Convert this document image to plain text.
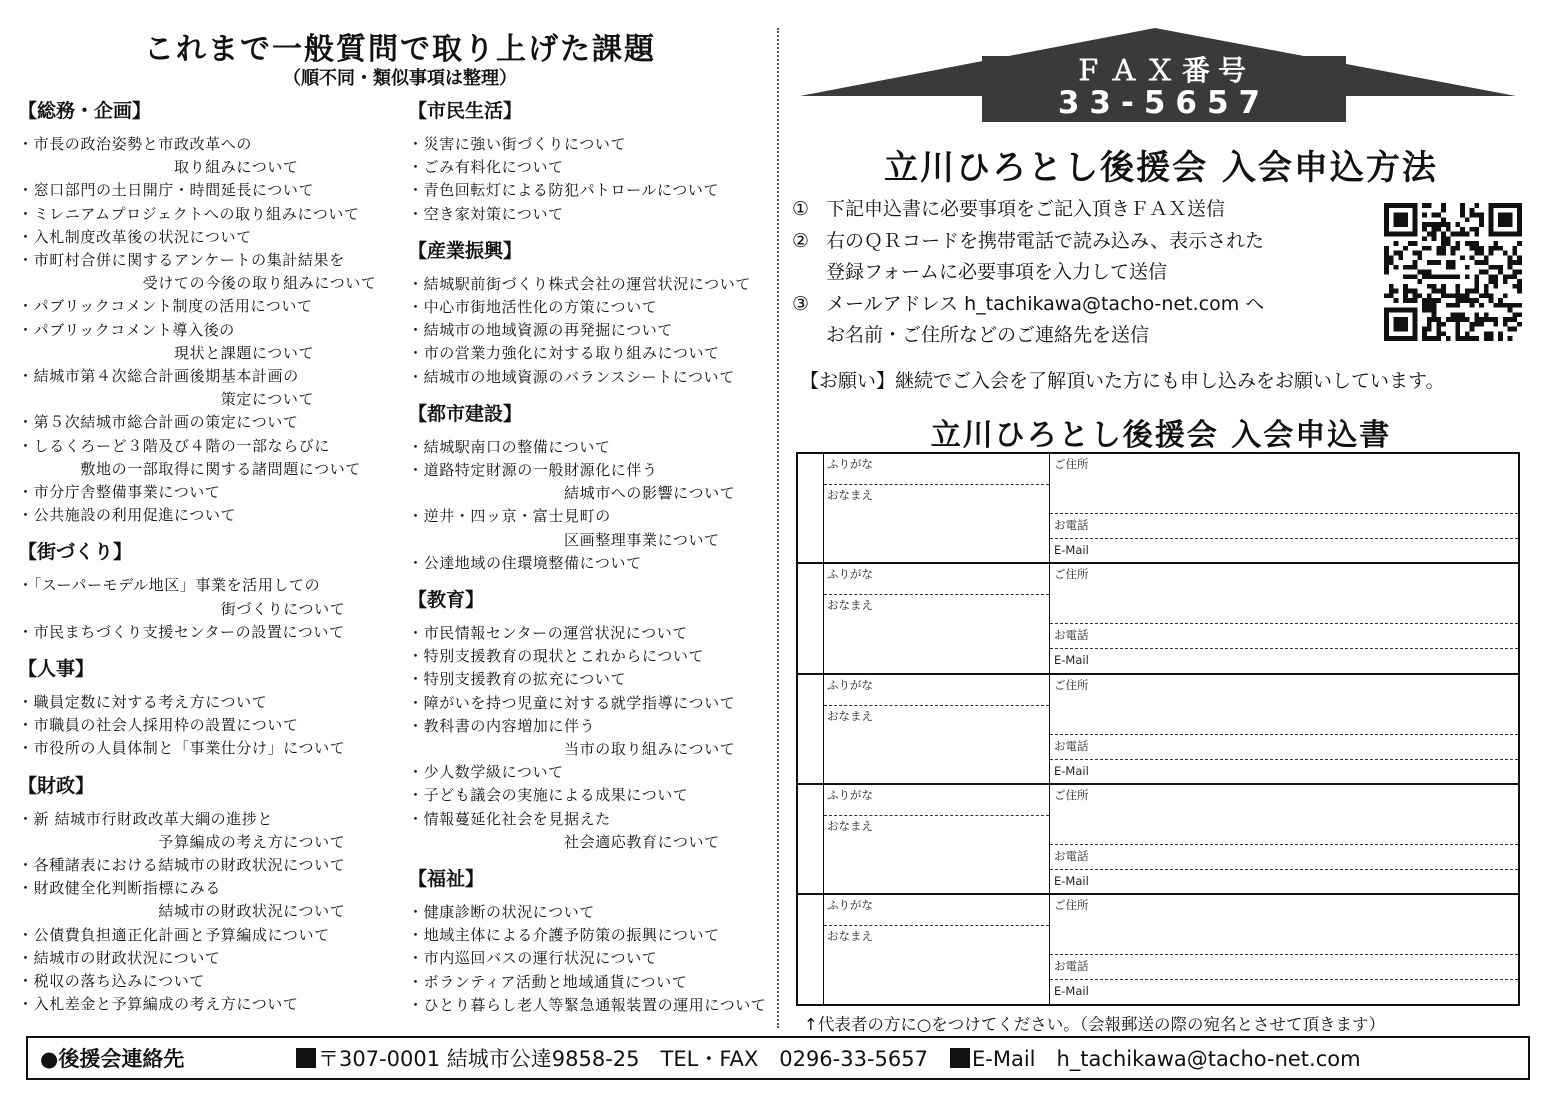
これまで一般質問で取り上げた課題
（順不同・類似事項は整理）
【総務・企画】
・市長の政治姿勢と市政改革への
　　　　　　　　　　取り組みについて
・窓口部門の土日開庁・時間延長について
・ミレニアムプロジェクトへの取り組みについて
・入札制度改革後の状況について
・市町村合併に関するアンケートの集計結果を
　　　　　　　　受けての今後の取り組みについて
・パブリックコメント制度の活用について
・パブリックコメント導入後の
　　　　　　　　　　現状と課題について
・結城市第４次総合計画後期基本計画の
　　　　　　　　　　　　　策定について
・第５次結城市総合計画の策定について
・しるくろーど３階及び４階の一部ならびに
　　　　敷地の一部取得に関する諸問題について
・市分庁舎整備事業について
・公共施設の利用促進について
【街づくり】
・「スーパーモデル地区」事業を活用しての
　　　　　　　　　　　　　街づくりについて
・市民まちづくり支援センターの設置について
【人事】
・職員定数に対する考え方について
・市職員の社会人採用枠の設置について
・市役所の人員体制と「事業仕分け」について
【財政】
・新 結城市行財政改革大綱の進捗と
　　　　　　　　　予算編成の考え方について
・各種諸表における結城市の財政状況について
・財政健全化判断指標にみる
　　　　　　　　　結城市の財政状況について
・公債費負担適正化計画と予算編成について
・結城市の財政状況について
・税収の落ち込みについて
・入札差金と予算編成の考え方について
【市民生活】
・災害に強い街づくりについて
・ごみ有料化について
・青色回転灯による防犯パトロールについて
・空き家対策について
【産業振興】
・結城駅前街づくり株式会社の運営状況について
・中心市街地活性化の方策について
・結城市の地域資源の再発掘について
・市の営業力強化に対する取り組みについて
・結城市の地域資源のバランスシートについて
【都市建設】
・結城駅南口の整備について
・道路特定財源の一般財源化に伴う
　　　　　　　　　　結城市への影響について
・逆井・四ッ京・富士見町の
　　　　　　　　　　区画整理事業について
・公達地域の住環境整備について
【教育】
・市民情報センターの運営状況について
・特別支援教育の現状とこれからについて
・特別支援教育の拡充について
・障がいを持つ児童に対する就学指導について
・教科書の内容増加に伴う
　　　　　　　　　　当市の取り組みについて
・少人数学級について
・子ども議会の実施による成果について
・情報蔓延化社会を見据えた
　　　　　　　　　　社会適応教育について
【福祉】
・健康診断の状況について
・地域主体による介護予防策の振興について
・市内巡回バスの運行状況について
・ボランティア活動と地域通貨について
・ひとり暮らし老人等緊急通報装置の運用について
ＦＡＸ番号
33-5657
立川ひろとし後援会 入会申込方法
① 下記申込書に必要事項をご記入頂きＦＡＸ送信
② 右のＱＲコードを携帯電話で読み込み、表示された
登録フォームに必要事項を入力して送信
③ メールアドレス h_tachikawa@tacho-net.com へ
お名前・ご住所などのご連絡先を送信
【お願い】継続でご入会を了解頂いた方にも申し込みをお願いしています。
立川ひろとし後援会 入会申込書
ふりがな
おなまえ
ご住所
お電話
E-Mail
ふりがな
おなまえ
ご住所
お電話
E-Mail
ふりがな
おなまえ
ご住所
お電話
E-Mail
ふりがな
おなまえ
ご住所
お電話
E-Mail
ふりがな
おなまえ
ご住所
お電話
E-Mail
↑代表者の方に○をつけてください。（会報郵送の際の宛名とさせて頂きます）
●後援会連絡先	〒307-0001 結城市公達9858-25　TEL・FAX　0296-33-5657 E-Mail　h_tachikawa@tacho-net.com
